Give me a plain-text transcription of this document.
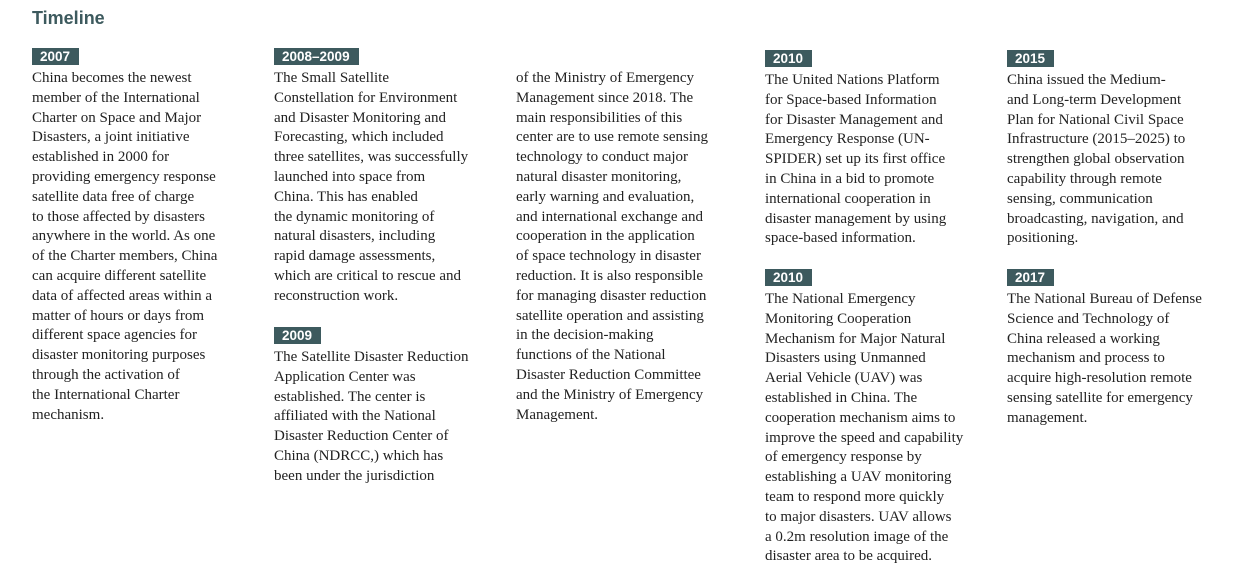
Timeline
2007
China becomes the newest
member of the International
Charter on Space and Major
Disasters, a joint initiative
established in 2000 for
providing emergency response
satellite data free of charge
to those affected by disasters
anywhere in the world. As one
of the Charter members, China
can acquire different satellite
data of affected areas within a
matter of hours or days from
different space agencies for
disaster monitoring purposes
through the activation of
the International Charter
mechanism.
2008–2009
The Small Satellite
Constellation for Environment
and Disaster Monitoring and
Forecasting, which included
three satellites, was successfully
launched into space from
China. This has enabled
the dynamic monitoring of
natural disasters, including
rapid damage assessments,
which are critical to rescue and
reconstruction work.
2009
The Satellite Disaster Reduction
Application Center was
established. The center is
affiliated with the National
Disaster Reduction Center of
China (NDRCC,) which has
been under the jurisdiction
of the Ministry of Emergency
Management since 2018. The
main responsibilities of this
center are to use remote sensing
technology to conduct major
natural disaster monitoring,
early warning and evaluation,
and international exchange and
cooperation in the application
of space technology in disaster
reduction. It is also responsible
for managing disaster reduction
satellite operation and assisting
in the decision-making
functions of the National
Disaster Reduction Committee
and the Ministry of Emergency
Management.
2010
The United Nations Platform
for Space-based Information
for Disaster Management and
Emergency Response (UN-
SPIDER) set up its first office
in China in a bid to promote
international cooperation in
disaster management by using
space-based information.
2010
The National Emergency
Monitoring Cooperation
Mechanism for Major Natural
Disasters using Unmanned
Aerial Vehicle (UAV) was
established in China. The
cooperation mechanism aims to
improve the speed and capability
of emergency response by
establishing a UAV monitoring
team to respond more quickly
to major disasters. UAV allows
a 0.2m resolution image of the
disaster area to be acquired.
2015
China issued the Medium-
and Long-term Development
Plan for National Civil Space
Infrastructure (2015–2025) to
strengthen global observation
capability through remote
sensing, communication
broadcasting, navigation, and
positioning.
2017
The National Bureau of Defense
Science and Technology of
China released a working
mechanism and process to
acquire high-resolution remote
sensing satellite for emergency
management.
